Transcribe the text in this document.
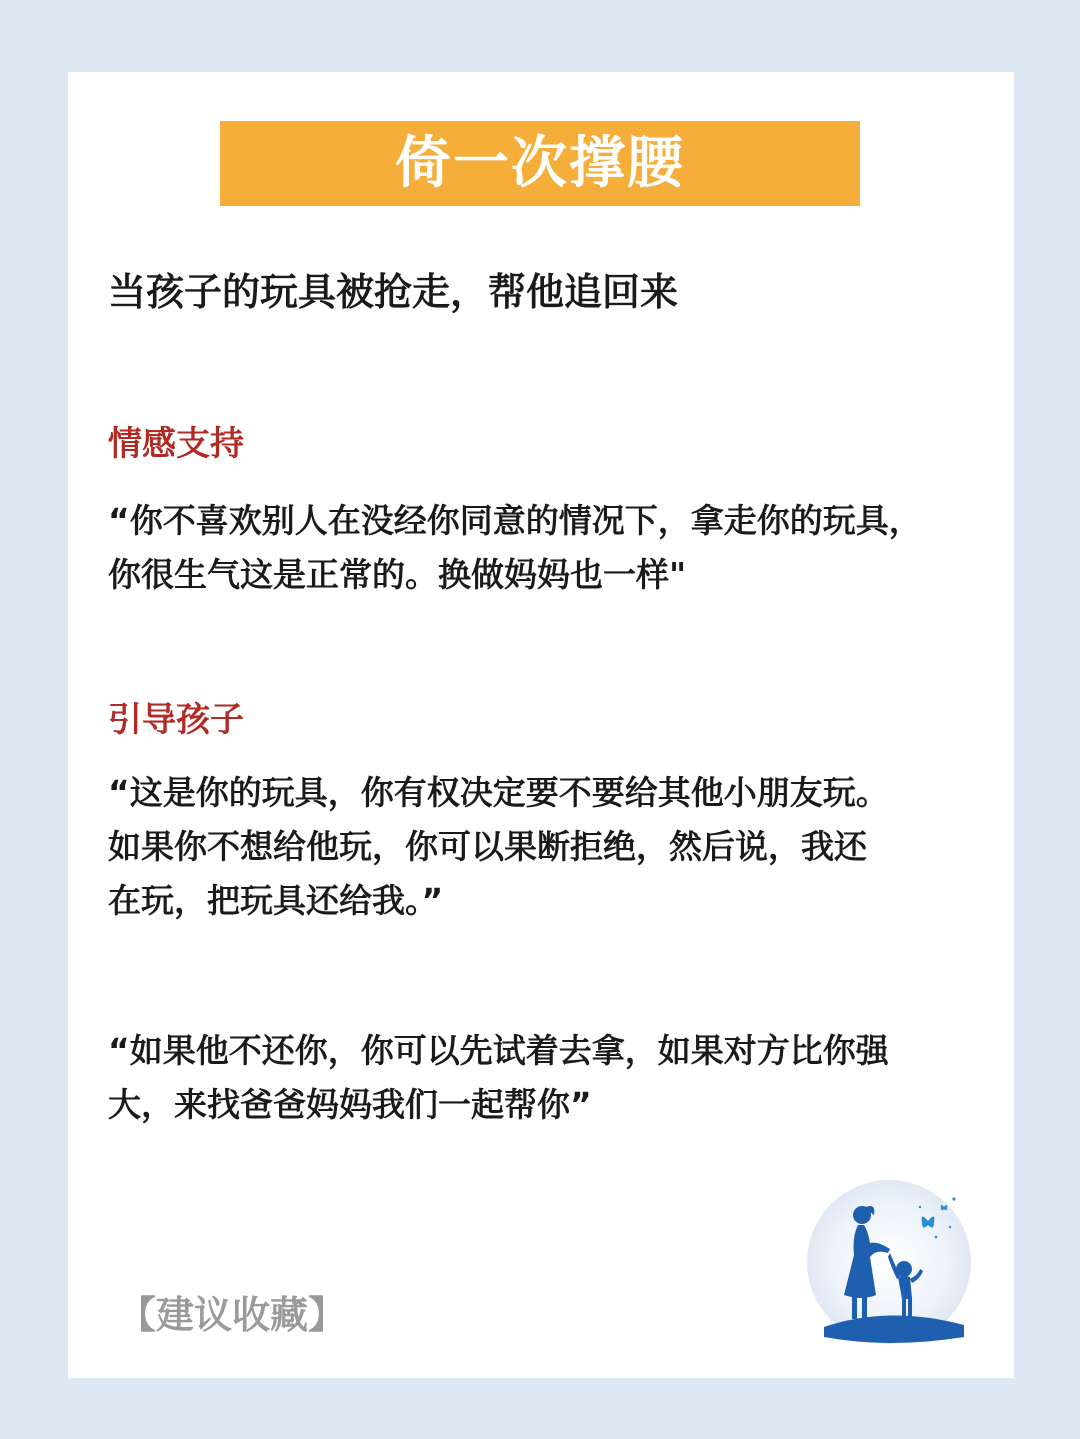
倚一次撑腰
当孩子的玩具被抢走，帮他追回来
情感支持
“你不喜欢别人在没经你同意的情况下，拿走你的玩具，
你很生气这是正常的。换做妈妈也一样"
引导孩子
“这是你的玩具，你有权决定要不要给其他小朋友玩。
如果你不想给他玩，你可以果断拒绝，然后说，我还
在玩，把玩具还给我。”
“如果他不还你，你可以先试着去拿，如果对方比你强
大，来找爸爸妈妈我们一起帮你”
【建议收藏】
